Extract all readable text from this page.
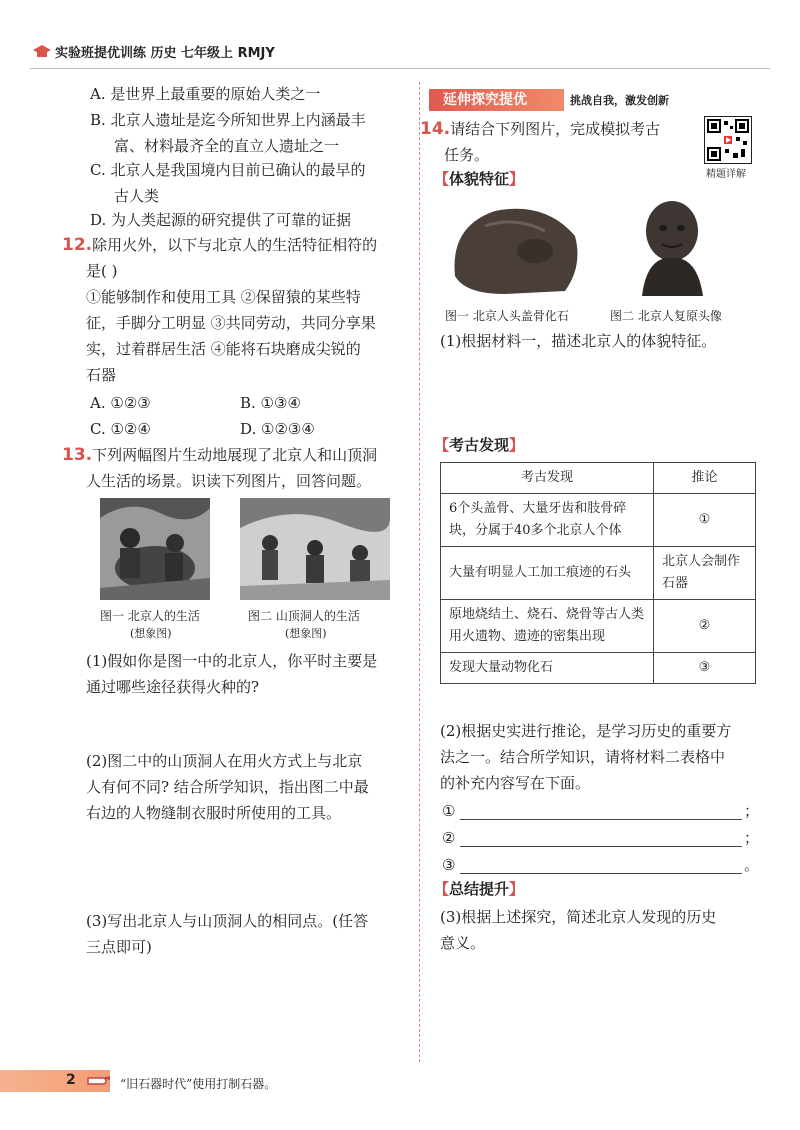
实验班提优训练 历史 七年级上 RMJY
A. 是世界上最重要的原始人类之一
B. 北京人遗址是迄今所知世界上内涵最丰
富、材料最齐全的直立人遗址之一
C. 北京人是我国境内目前已确认的最早的
古人类
D. 为人类起源的研究提供了可靠的证据
12.除用火外，以下与北京人的生活特征相符的
是( )
①能够制作和使用工具 ②保留猿的某些特
征，手脚分工明显 ③共同劳动，共同分享果
实，过着群居生活 ④能将石块磨成尖锐的
石器
A. ①②③	B. ①③④
C. ①②④	D. ①②③④
13.下列两幅图片生动地展现了北京人和山顶洞
人生活的场景。识读下列图片，回答问题。
图一 北京人的生活
(想象图)
图二 山顶洞人的生活
(想象图)
(1)假如你是图一中的北京人，你平时主要是
通过哪些途径获得火种的?
(2)图二中的山顶洞人在用火方式上与北京
人有何不同? 结合所学知识，指出图二中最
右边的人物缝制衣服时所使用的工具。
(3)写出北京人与山顶洞人的相同点。(任答
三点即可)
延伸探究提优	挑战自我，激发创新
精题详解
14.请结合下列图片，完成模拟考古
任务。
【体貌特征】
图一 北京人头盖骨化石	图二 北京人复原头像
(1)根据材料一，描述北京人的体貌特征。
【考古发现】
考古发现	推论
6个头盖骨、大量牙齿和肢骨碎块，分属于40多个北京人个体	①
大量有明显人工加工痕迹的石头	北京人会制作石器
原地烧结土、烧石、烧骨等古人类用火遗物、遗迹的密集出现	②
发现大量动物化石	③
(2)根据史实进行推论，是学习历史的重要方
法之一。结合所学知识，请将材料二表格中
的补充内容写在下面。
①	；
②	；
③	。
【总结提升】
(3)根据上述探究，简述北京人发现的历史
意义。
2	“旧石器时代”使用打制石器。
